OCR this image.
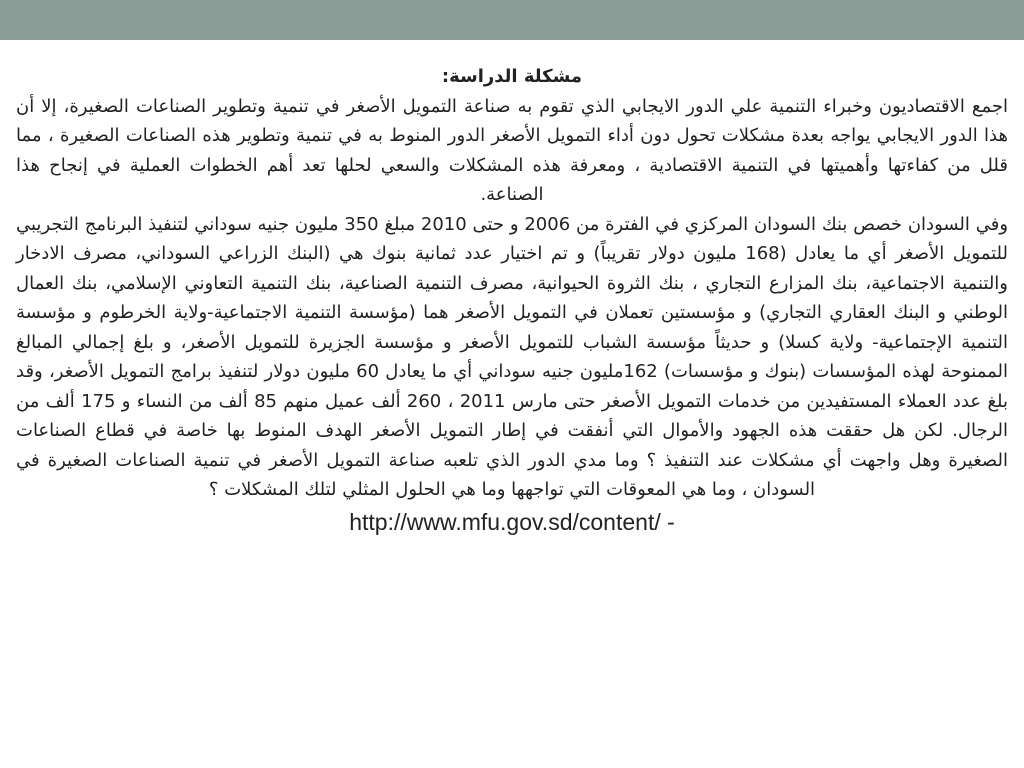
مشكلة الدراسة:

اجمع الاقتصاديون وخبراء التنمية علي الدور الايجابي الذي تقوم به صناعة التمويل الأصغر في تنمية وتطوير الصناعات الصغيرة، إلا أن هذا الدور الايجابي يواجه بعدة مشكلات تحول دون أداء التمويل الأصغر الدور المنوط به في تنمية وتطوير هذه الصناعات الصغيرة ، مما قلل من كفاءتها وأهميتها في التنمية الاقتصادية ، ومعرفة هذه المشكلات والسعي لحلها تعد أهم الخطوات العملية في إنجاح هذا الصناعة.

وفي السودان خصص بنك السودان المركزي في الفترة من 2006 و حتى 2010 مبلغ 350 مليون جنيه سوداني لتنفيذ البرنامج التجريبي للتمويل الأصغر أي ما يعادل (168 مليون دولار تقريباً) و تم اختيار عدد ثمانية بنوك هي (البنك الزراعي السوداني، مصرف الادخار والتنمية الاجتماعية، بنك المزارع التجاري ، بنك الثروة الحيوانية، مصرف التنمية الصناعية، بنك التنمية التعاوني الإسلامي، بنك العمال الوطني و البنك العقاري التجاري) و مؤسستين تعملان في التمويل الأصغر هما (مؤسسة التنمية الاجتماعية-ولاية الخرطوم و مؤسسة التنمية الإجتماعية- ولاية كسلا) و حديثاً مؤسسة الشباب للتمويل الأصغر و مؤسسة الجزيرة للتمويل الأصغر، و بلغ إجمالي المبالغ الممنوحة لهذه المؤسسات (بنوك و مؤسسات) 162مليون جنيه سوداني أي ما يعادل 60 مليون دولار لتنفيذ برامج التمويل الأصغر، وقد بلغ عدد العملاء المستفيدين من خدمات التمويل الأصغر حتى مارس 2011 ، 260 ألف عميل منهم 85 ألف من النساء و 175 ألف من الرجال. لكن هل حققت هذه الجهود والأموال التي أنفقت في إطار التمويل الأصغر الهدف المنوط بها خاصة في قطاع الصناعات الصغيرة وهل واجهت أي مشكلات عند التنفيذ ؟ وما مدي الدور الذي تلعبه صناعة التمويل الأصغر في تنمية الصناعات الصغيرة في السودان ، وما هي المعوقات التي تواجهها وما هي الحلول المثلي لتلك المشكلات ؟

http://www.mfu.gov.sd/content/ -
